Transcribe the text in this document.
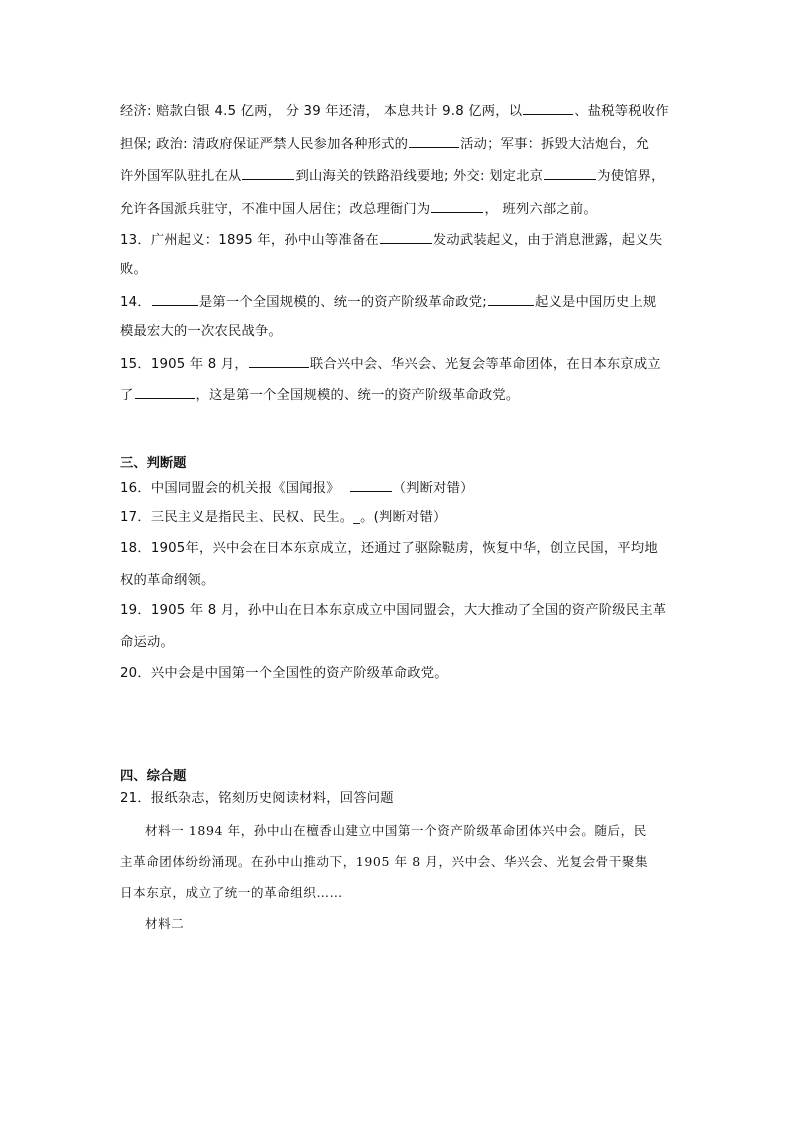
经济: 赔款白银 4.5 亿两， 分 39 年还清， 本息共计 9.8 亿两，以	、盐税等税收作
担保; 政治: 清政府保证严禁人民参加各种形式的	活动；军事：拆毁大沽炮台，允
许外国军队驻扎在从	到山海关的铁路沿线要地; 外交: 划定北京	为使馆界，
允许各国派兵驻守，不准中国人居住；改总理衙门为	， 班列六部之前。
13．广州起义：1895 年，孙中山等准备在	发动武装起义，由于消息泄露，起义失
败。
14．	是第一个全国规模的、统一的资产阶级革命政党;	起义是中国历史上规
模最宏大的一次农民战争。
15．1905 年 8 月，	联合兴中会、华兴会、光复会等革命团体，在日本东京成立
了	，这是第一个全国规模的、统一的资产阶级革命政党。
三、判断题
16．中国同盟会的机关报《国闻报》	（判断对错）
17．三民主义是指民主、民权、民生。_。(判断对错）
18．1905年，兴中会在日本东京成立，还通过了驱除鞑虏，恢复中华，创立民国，平均地
权的革命纲领。
19．1905 年 8 月，孙中山在日本东京成立中国同盟会，大大推动了全国的资产阶级民主革
命运动。
20．兴中会是中国第一个全国性的资产阶级革命政党。
四、综合题
21．报纸杂志，铭刻历史阅读材料，回答问题
材料一 1894 年，孙中山在檀香山建立中国第一个资产阶级革命团体兴中会。随后，民
主革命团体纷纷涌现。在孙中山推动下，1905 年 8 月，兴中会、华兴会、光复会骨干聚集
日本东京，成立了统一的革命组织……
材料二
